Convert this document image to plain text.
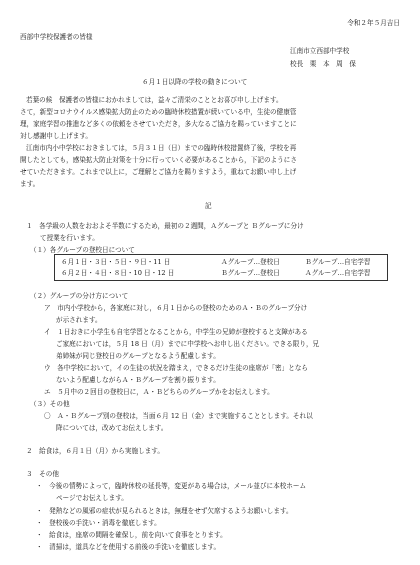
令和２年５月吉日
西部中学校保護者の皆様
江南市立西部中学校
校長　栗　本　周　保
６月１日以降の学校の動きについて
若葉の候　保護者の皆様におかれましては，益々ご清栄のこととお喜び申し上げます。
さて，新型コロナウイルス感染拡大防止のための臨時休校措置が続いている中，生徒の健康管
理，家庭学習の推進など多くの依頼をさせていただき，多大なるご協力を賜っていますことに
対し感謝申し上げます。
江南市内小中学校におきましては，５月３１日（日）までの臨時休校措置終了後，学校を再
開したとしても，感染拡大防止対策を十分に行っていく必要があることから，下記のようにさ
せていただきます。これまで以上に，ご理解とご協力を賜りますよう，重ねてお願い申し上げ
ます。
記
１　各学級の人数をおおよそ半数にするため，最初の２週間，Ａグループと Ｂグループに分け
て授業を行います。
（１）各グループの登校日について
６月１日・３日・５日・９日・11 日	Ａグループ…登校日	Ｂグループ…自宅学習
６月２日・４日・８日・10 日・12 日	Ｂグループ…登校日	Ａグループ…自宅学習
（２）グループの分け方について
ア　市内小学校から，各家庭に対し，６月１日からの登校のためのＡ・Ｂのグループ分け
が示されます。
イ　１日おきに小学生も自宅学習となることから，中学生の兄姉が登校すると支障がある
ご家庭においては，５月 18 日（月）までに中学校へお申し出ください。できる限り，兄
弟姉妹が同じ登校日のグループとなるよう配慮します。
ウ　各中学校において，イの生徒の状況を踏まえ，できるだけ生徒の座席が「密」となら
ないよう配慮しながらＡ・Ｂグループを割り振ります。
エ　５月中の２回目の登校日に，Ａ・Ｂどちらのグループかをお伝えします。
（３）その他
〇　Ａ・Ｂグループ別の登校は，当面６月 12 日（金）まで実施することとします。それ以
降については，改めてお伝えします。
２　給食は，６月１日（月）から実施します。
３　その他
・　今後の情勢によって，臨時休校の延長等，変更がある場合は，メール並びに本校ホーム
ページでお伝えします。
・　発熱などの風邪の症状が見られるときは，無理をせず欠席するようお願いします。
・　登校後の手洗い・消毒を徹底します。
・　給食は，座席の間隔を確保し，前を向いて食事をとります。
・　清掃は，道具などを使用する前後の手洗いを徹底します。
